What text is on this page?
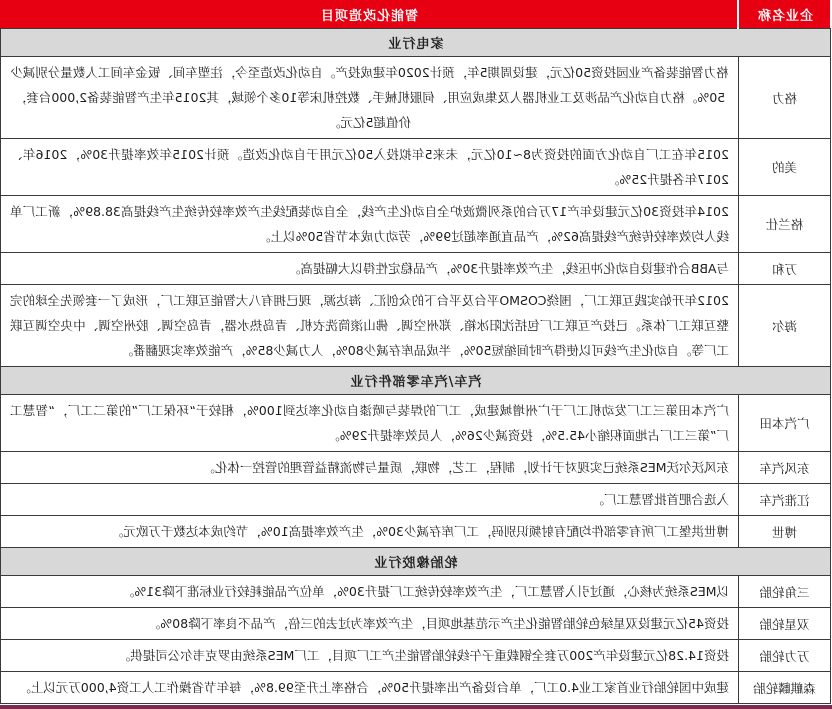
企业名称	智能化改造项目
家电行业	
格力	格力智能装备产业园投资50亿元，建设周期5年，预计2020年建成投产。自动化改造至今，注塑车间、钣金车间工人数量分别减少50%。格力自动化产品涉及工业机器人及集成应用、伺服机械手、数控机床等10多个领域，其2015年生产智能装备2,000台套，价值超5亿元。
美的	2015年在工厂自动化方面的投资为8~10亿元，未来5年拟投入50亿元用于自动化改造。预计2015年效率提升30%，2016年、2017年各提升25%。
格兰仕	2014年投资30亿元建设年产17万台的系列微波炉全自动化生产线，全自动装配线生产效率较传统生产线提高38.89%，新工厂单线人均效率较传统产线提高62%，产品直通率超过99%，劳动力成本节省50%以上。
万和	与ABB合作建设自动化冲压线，生产效率提升30%，产品稳定性得以大幅提高。
海尔	2012年开始实践互联工厂，围绕COSMO平台及平台下的众创汇、海达源，现已拥有八大智能互联工厂，形成了一套领先全球的完整互联工厂体系。已投产互联工厂包括沈阳冰箱、郑州空调、佛山滚筒洗衣机、青岛热水器，青岛空调、胶州空调、中央空调互联工厂等。自动化生产线可以使得产时间缩短50%，半成品库存减少80%，人力减少85%，产能效率实现翻番。
汽车/汽车零部件行业	
广汽本田	广汽本田第三工厂发动机工厂于广州增城建成，工厂的焊装与喷漆自动化率达到100%，相较于“环保工厂”的第二工厂，“智慧工厂”第三工厂占地面积缩小45.5%，投资减少26%，人员效率提升29%。
东风汽车	东风沃尔沃MES系统已实现对于计划，制程，工艺，物联，质量与物流精益管理的管控一体化。
江淮汽车	入选合肥首批智慧工厂。
博世	博世洪堡工厂所有零部件均配有射频识别码，工厂库存减少30%，生产效率提高10%，节约成本达数千万欧元。
轮胎橡胶行业	
三角轮胎	以MES系统为核心，通过引入智慧工厂，生产效率较传统工厂提升30%，单位产品能耗较行业标准下降31%。
双星轮胎	投资45亿元建设双星绿色轮胎智能化生产示范基地项目，生产效率为过去的三倍，产品不良率下降80%。
万力轮胎	投资14.28亿元建设年产200万套全钢载重子午线轮胎智能生产工厂项目，工厂MES系统由罗克韦尔公司提供。
森麒麟轮胎	建成中国轮胎行业首家工业4.0工厂，单台设备产出率提升50%，合格率上升至99.8%，每年节省操作工人工资4,000万元以上。
